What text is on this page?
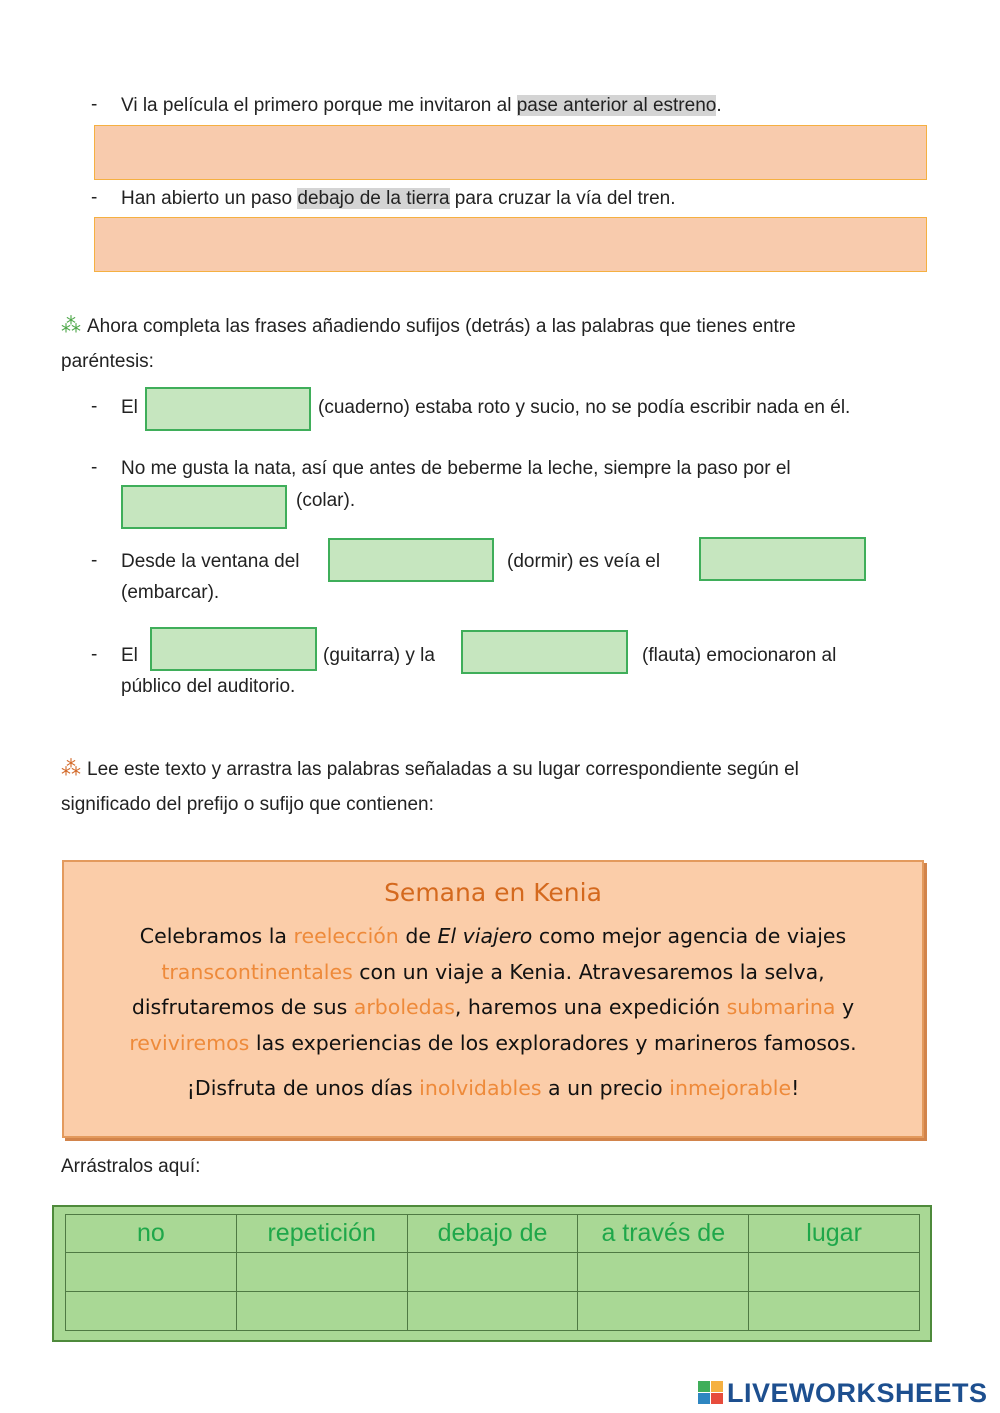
- Vi la película el primero porque me invitaron al pase anterior al estreno.
- Han abierto un paso debajo de la tierra para cruzar la vía del tren.
⁂ Ahora completa las frases añadiendo sufijos (detrás) a las palabras que tienes entre
paréntesis:
- El	(cuaderno) estaba roto y sucio, no se podía escribir nada en él.
- No me gusta la nata, así que antes de beberme la leche, siempre la paso por el
(colar).
- Desde la ventana del	(dormir) es veía el
(embarcar).
- El	(guitarra) y la	(flauta) emocionaron al
público del auditorio.
⁂ Lee este texto y arrastra las palabras señaladas a su lugar correspondiente según el
significado del prefijo o sufijo que contienen:
Semana en Kenia
Celebramos la reelección de El viajero como mejor agencia de viajes
transcontinentales con un viaje a Kenia. Atravesaremos la selva,
disfrutaremos de sus arboledas, haremos una expedición submarina y
reviviremos las experiencias de los exploradores y marineros famosos.
¡Disfruta de unos días inolvidables a un precio inmejorable!
Arrástralos aquí:
no	repetición	debajo de	a través de	lugar

LIVEWORKSHEETS
